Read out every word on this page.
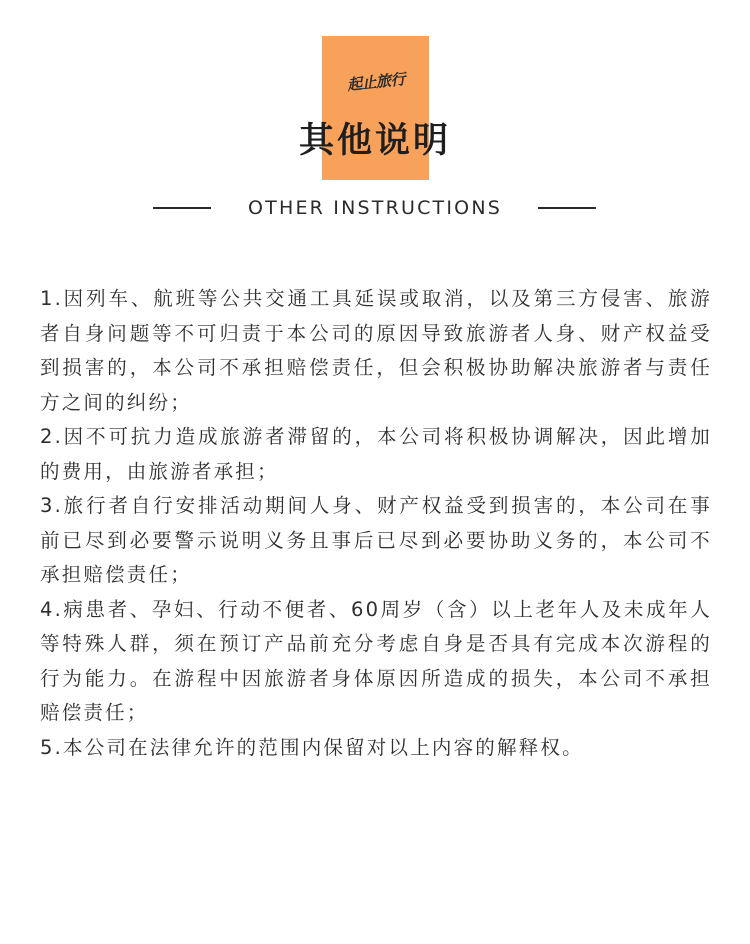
起止旅行
其他说明
OTHER INSTRUCTIONS
1.因列车、航班等公共交通工具延误或取消，以及第三方侵害、旅游者自身问题等不可归责于本公司的原因导致旅游者人身、财产权益受到损害的，本公司不承担赔偿责任，但会积极协助解决旅游者与责任方之间的纠纷；
2.因不可抗力造成旅游者滞留的，本公司将积极协调解决，因此增加的费用，由旅游者承担；
3.旅行者自行安排活动期间人身、财产权益受到损害的，本公司在事前已尽到必要警示说明义务且事后已尽到必要协助义务的，本公司不承担赔偿责任；
4.病患者、孕妇、行动不便者、60周岁（含）以上老年人及未成年人等特殊人群，须在预订产品前充分考虑自身是否具有完成本次游程的行为能力。在游程中因旅游者身体原因所造成的损失，本公司不承担赔偿责任；
5.本公司在法律允许的范围内保留对以上内容的解释权。
